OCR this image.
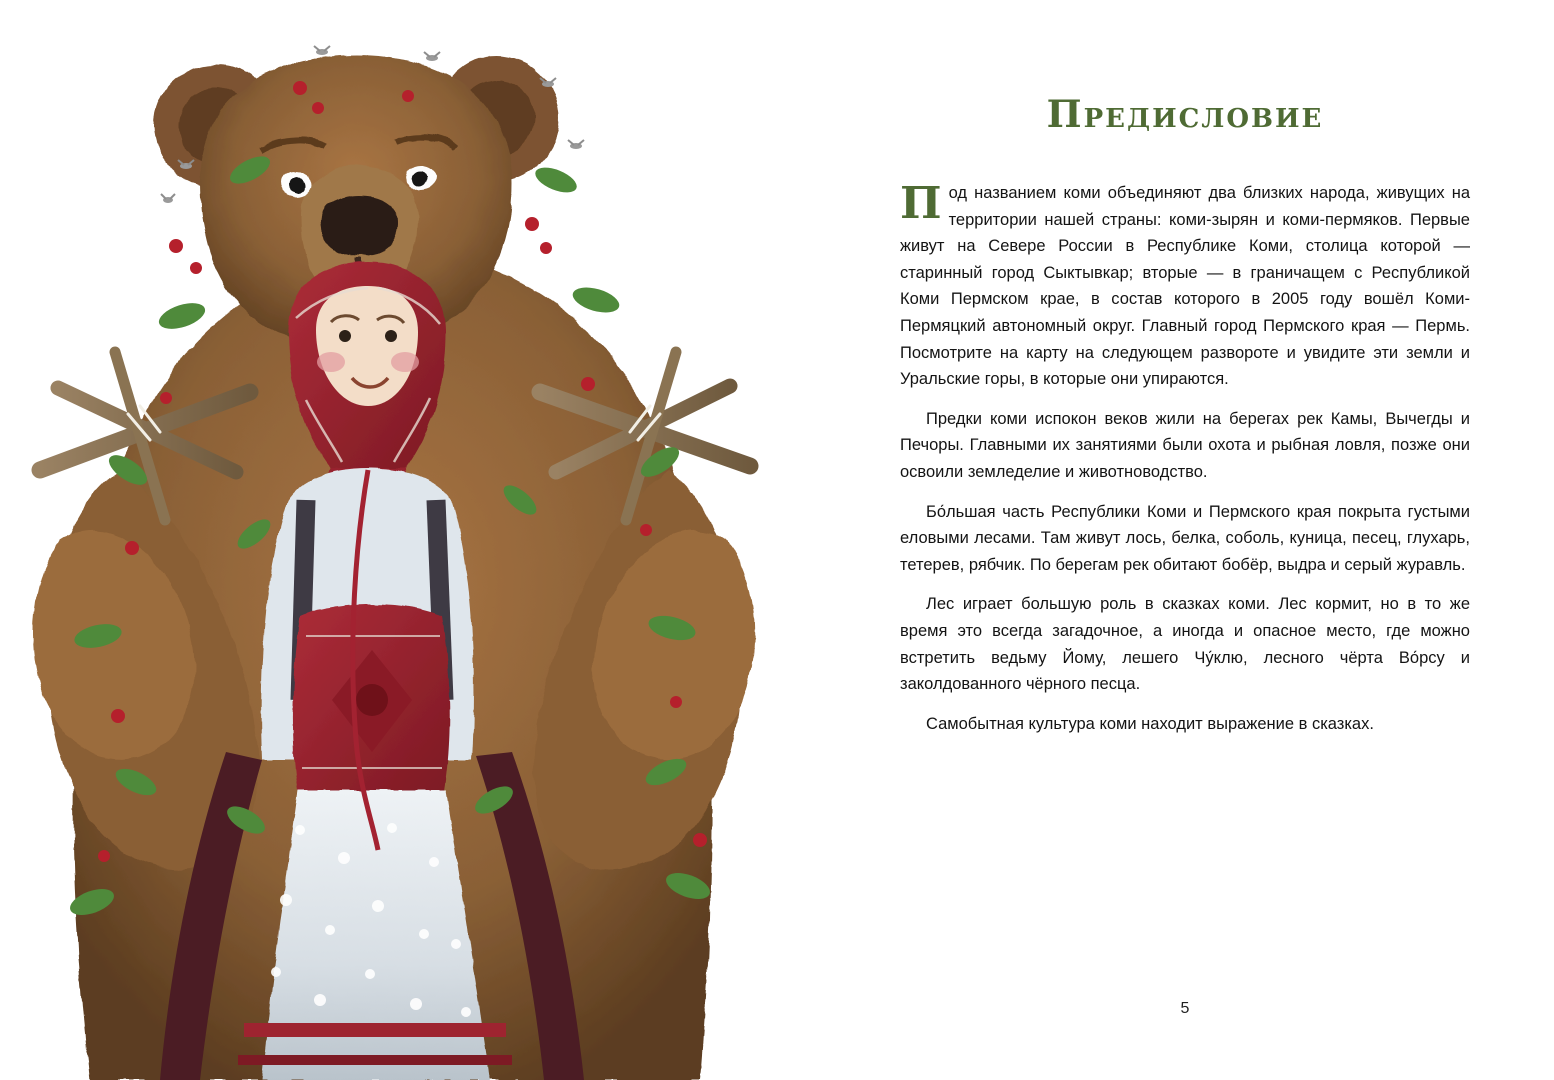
Предисловие

Под названием коми объединяют два близких народа, живущих на территории нашей страны: коми-зырян и коми-пермяков. Первые живут на Севере России в Республике Коми, столица которой — старинный город Сыктывкар; вторые — в граничащем с Республикой Коми Пермском крае, в состав которого в 2005 году вошёл Коми-Пермяцкий автономный округ. Главный город Пермского края — Пермь. Посмотрите на карту на следующем развороте и увидите эти земли и Уральские горы, в которые они упираются.

Предки коми испокон веков жили на берегах рек Камы, Вычегды и Печоры. Главными их занятиями были охота и рыбная ловля, позже они освоили земледелие и животноводство.

Бо́льшая часть Республики Коми и Пермского края покрыта густыми еловыми лесами. Там живут лось, белка, соболь, куница, песец, глухарь, тетерев, рябчик. По берегам рек обитают бобёр, выдра и серый журавль.

Лес играет большую роль в сказках коми. Лес кормит, но в то же время это всегда загадочное, а иногда и опасное место, где можно встретить ведьму Йому, лешего Чу́клю, лесного чёрта Во́рсу и заколдованного чёрного песца.

Самобытная культура коми находит выражение в сказках.

5
